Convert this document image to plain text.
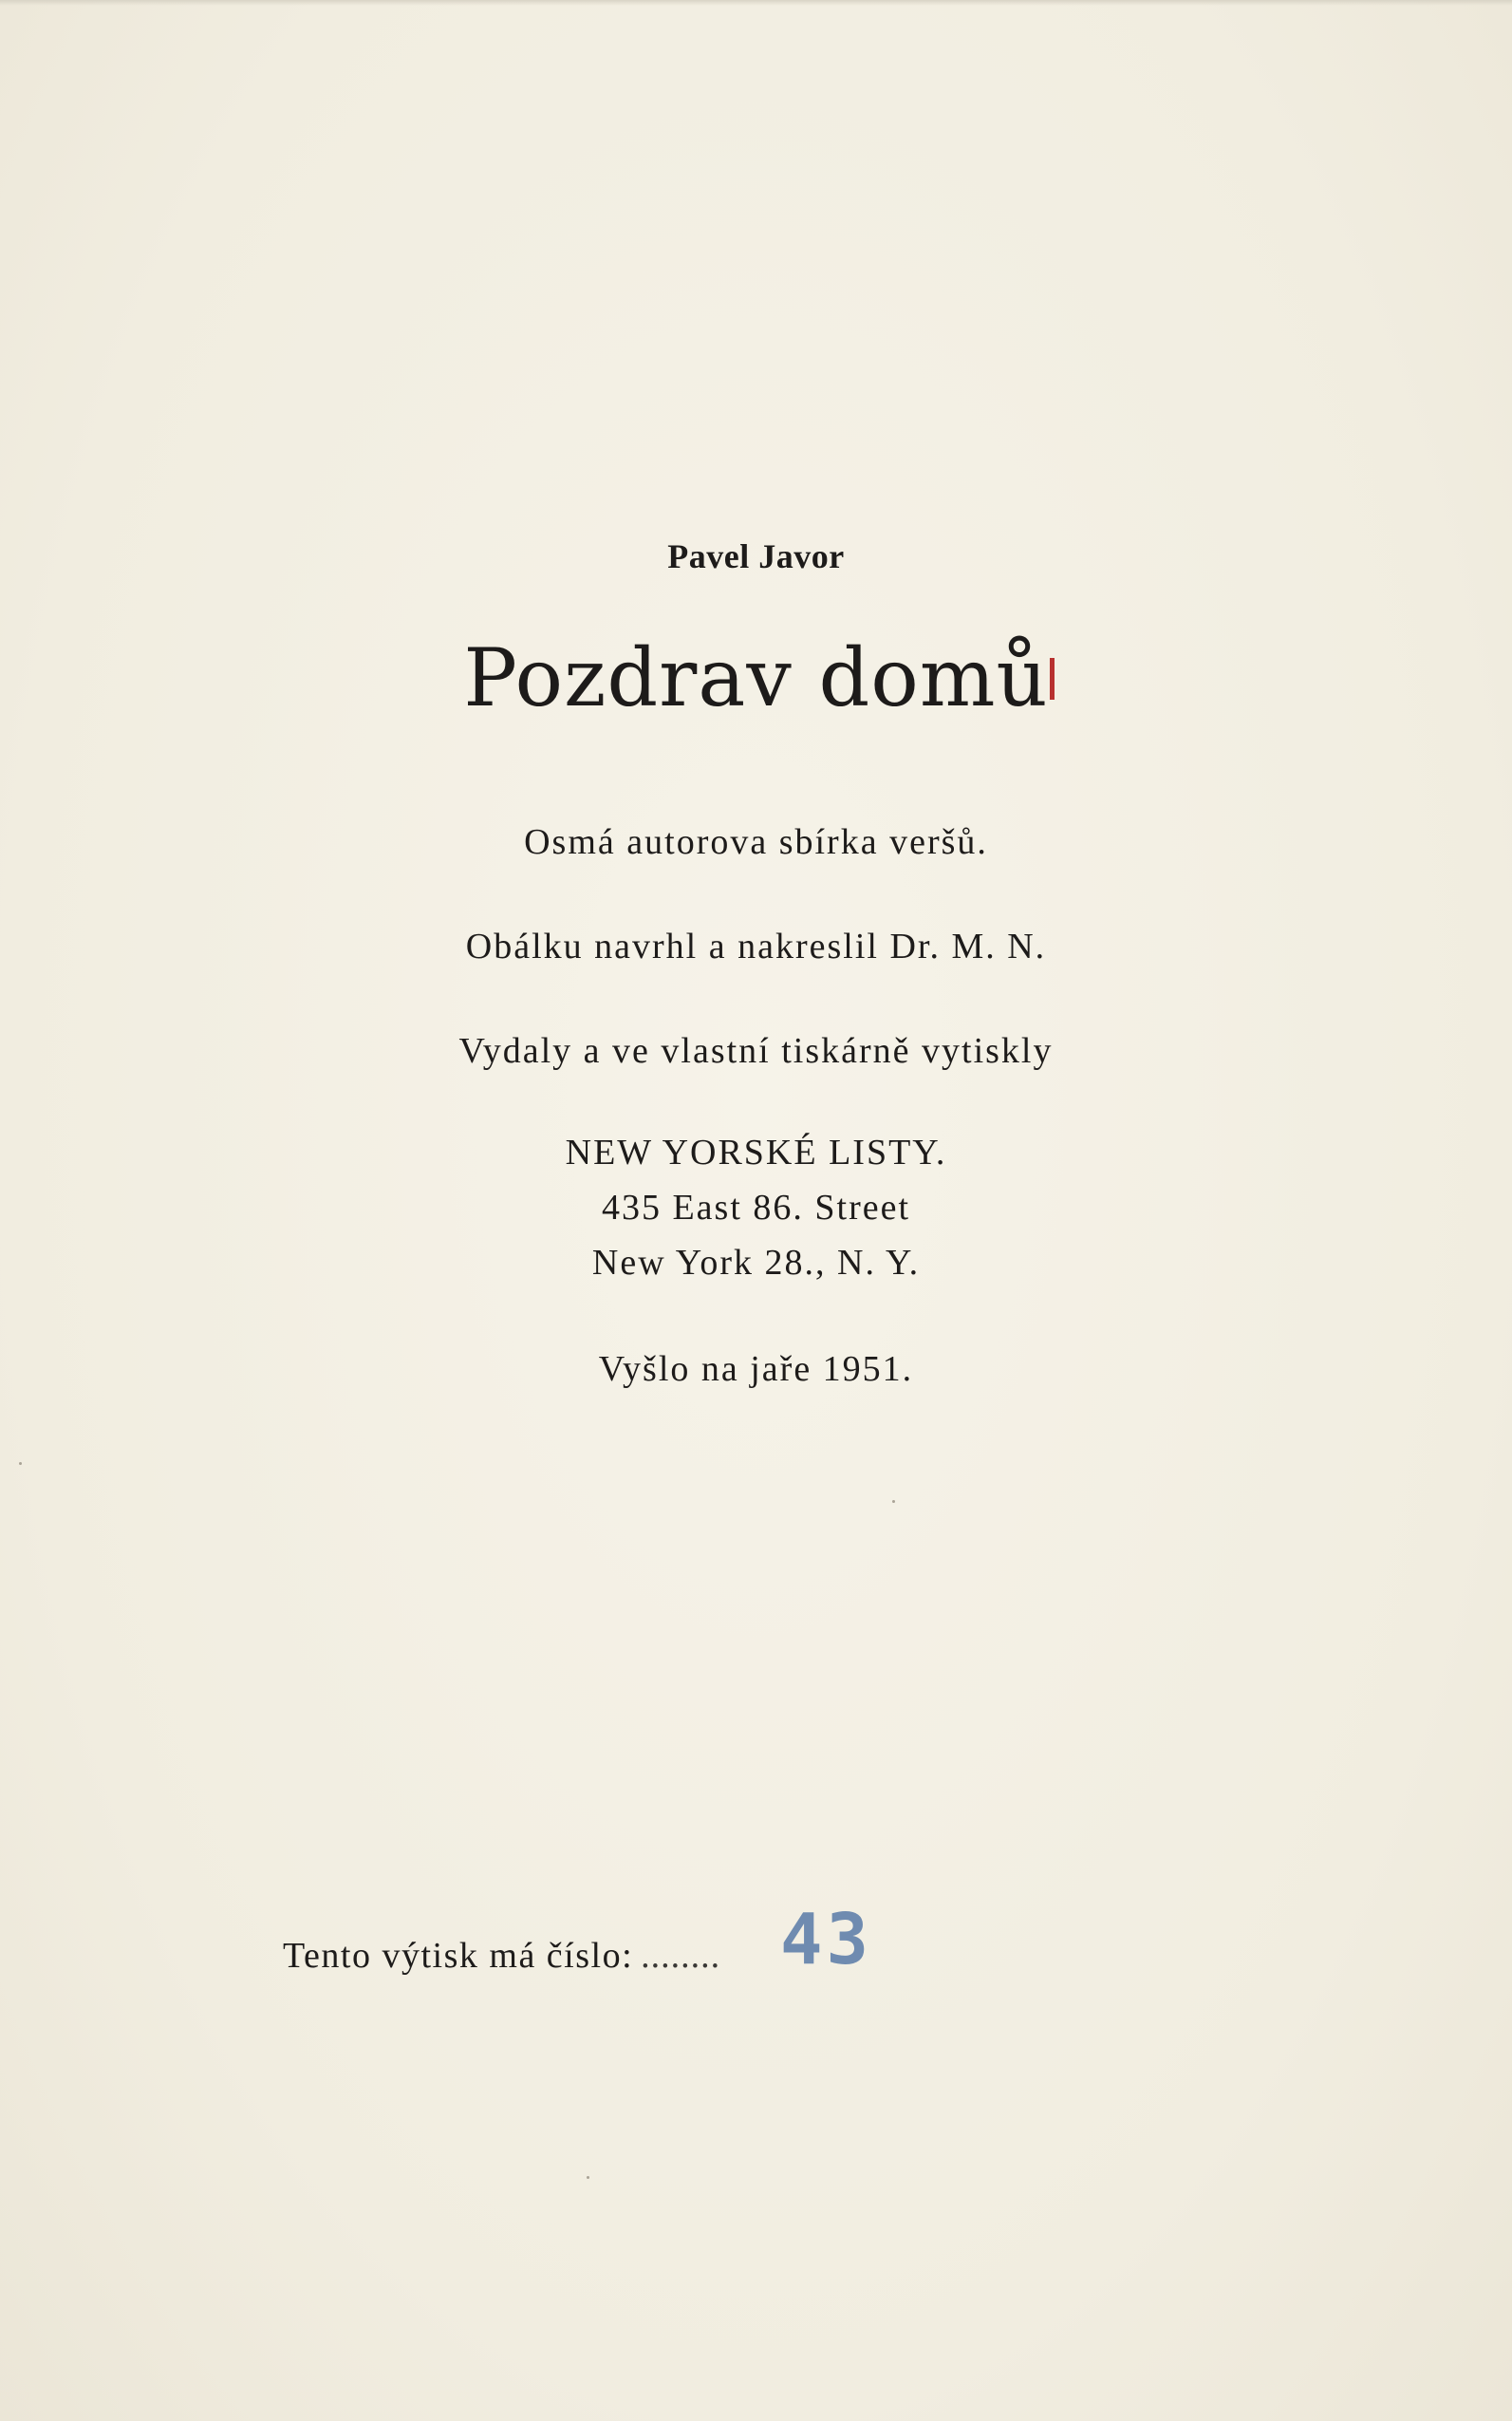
Pavel Javor
Pozdrav domů
Osmá autorova sbírka veršů.
Obálku navrhl a nakreslil Dr. M. N.
Vydaly a ve vlastní tiskárně vytiskly
NEW YORSKÉ LISTY.
435 East 86. Street
New York 28., N. Y.
Vyšlo na jaře 1951.
Tento výtisk má číslo: ........ 43
